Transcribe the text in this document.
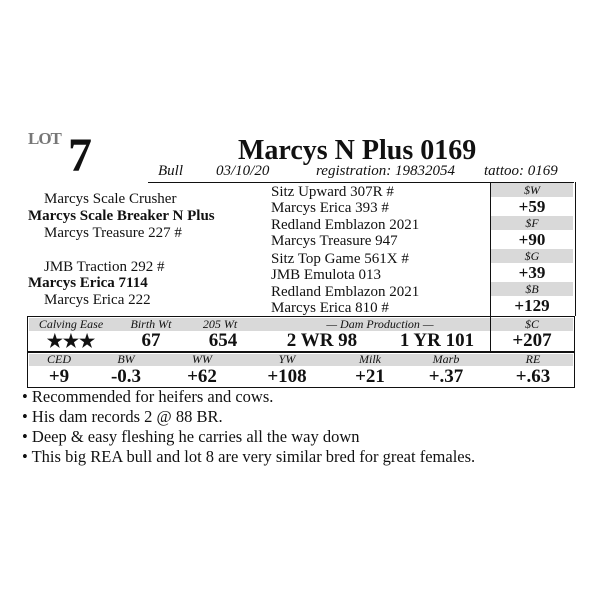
LOT 7	Marcys N Plus 0169
Bull 03/10/20	registration: 19832054 tattoo: 0169
Marcys Scale Crusher
Marcys Scale Breaker N Plus
Marcys Treasure 227 #
JMB Traction 292 #
Marcys Erica 7114
Marcys Erica 222
Sitz Upward 307R #
Marcys Erica 393 #
Redland Emblazon 2021
Marcys Treasure 947
Sitz Top Game 561X #
JMB Emulota 013
Redland Emblazon 2021
Marcys Erica 810 #
$W
+59
$F
+90
$G
+39
$B
+129
Calving Ease	Birth Wt	205 Wt	— Dam Production —	$C
★★★	67	654	2 WR 98	1 YR 101	+207
CED	BW	WW	YW	Milk	Marb	RE
+9	-0.3	+62	+108	+21	+.37	+.63
• Recommended for heifers and cows.
• His dam records 2 @ 88 BR.
• Deep & easy fleshing he carries all the way down
• This big REA bull and lot 8 are very similar bred for great females.
